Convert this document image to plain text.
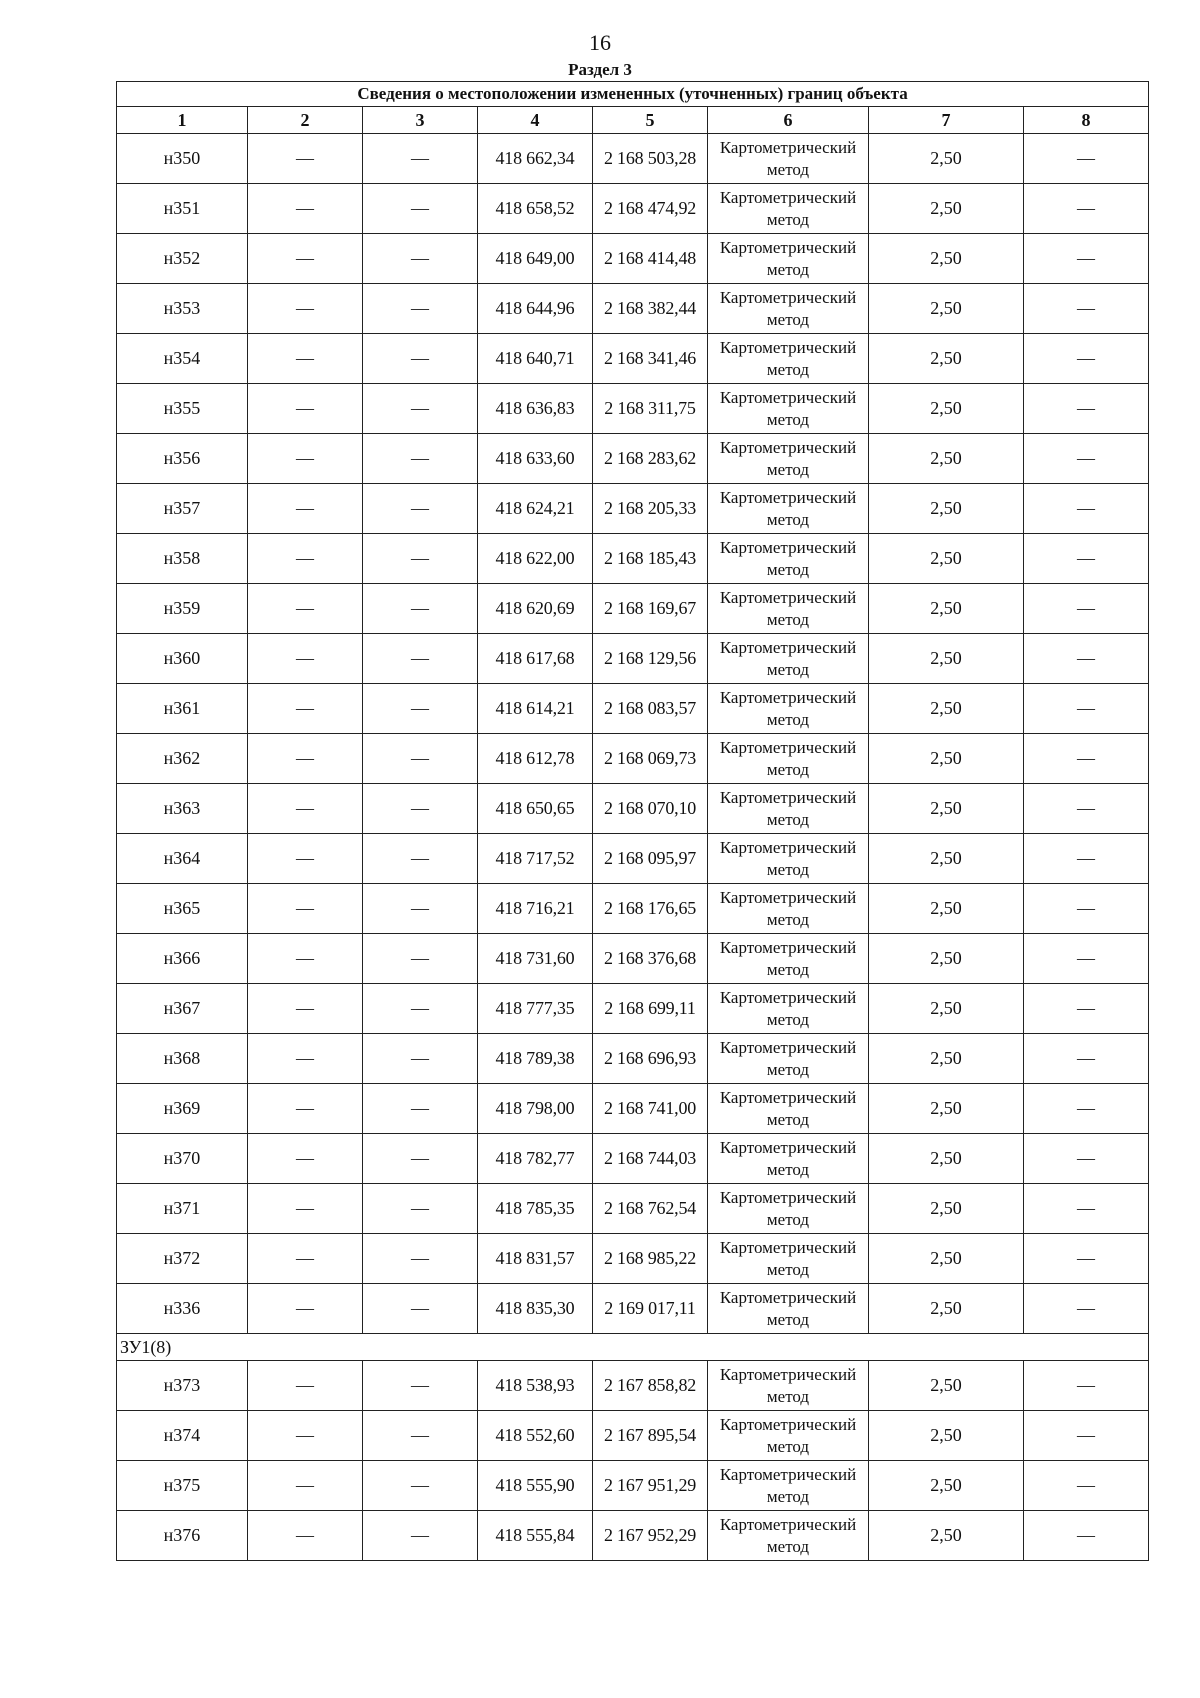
16
Раздел 3
Сведения о местоположении измененных (уточненных) границ объекта							
1	2	3	4	5	6	7	8
н350	—	—	418 662,34	2 168 503,28	Картометрический метод	2,50	—
н351	—	—	418 658,52	2 168 474,92	Картометрический метод	2,50	—
н352	—	—	418 649,00	2 168 414,48	Картометрический метод	2,50	—
н353	—	—	418 644,96	2 168 382,44	Картометрический метод	2,50	—
н354	—	—	418 640,71	2 168 341,46	Картометрический метод	2,50	—
н355	—	—	418 636,83	2 168 311,75	Картометрический метод	2,50	—
н356	—	—	418 633,60	2 168 283,62	Картометрический метод	2,50	—
н357	—	—	418 624,21	2 168 205,33	Картометрический метод	2,50	—
н358	—	—	418 622,00	2 168 185,43	Картометрический метод	2,50	—
н359	—	—	418 620,69	2 168 169,67	Картометрический метод	2,50	—
н360	—	—	418 617,68	2 168 129,56	Картометрический метод	2,50	—
н361	—	—	418 614,21	2 168 083,57	Картометрический метод	2,50	—
н362	—	—	418 612,78	2 168 069,73	Картометрический метод	2,50	—
н363	—	—	418 650,65	2 168 070,10	Картометрический метод	2,50	—
н364	—	—	418 717,52	2 168 095,97	Картометрический метод	2,50	—
н365	—	—	418 716,21	2 168 176,65	Картометрический метод	2,50	—
н366	—	—	418 731,60	2 168 376,68	Картометрический метод	2,50	—
н367	—	—	418 777,35	2 168 699,11	Картометрический метод	2,50	—
н368	—	—	418 789,38	2 168 696,93	Картометрический метод	2,50	—
н369	—	—	418 798,00	2 168 741,00	Картометрический метод	2,50	—
н370	—	—	418 782,77	2 168 744,03	Картометрический метод	2,50	—
н371	—	—	418 785,35	2 168 762,54	Картометрический метод	2,50	—
н372	—	—	418 831,57	2 168 985,22	Картометрический метод	2,50	—
н336	—	—	418 835,30	2 169 017,11	Картометрический метод	2,50	—
ЗУ1(8)							
н373	—	—	418 538,93	2 167 858,82	Картометрический метод	2,50	—
н374	—	—	418 552,60	2 167 895,54	Картометрический метод	2,50	—
н375	—	—	418 555,90	2 167 951,29	Картометрический метод	2,50	—
н376	—	—	418 555,84	2 167 952,29	Картометрический метод	2,50	—
